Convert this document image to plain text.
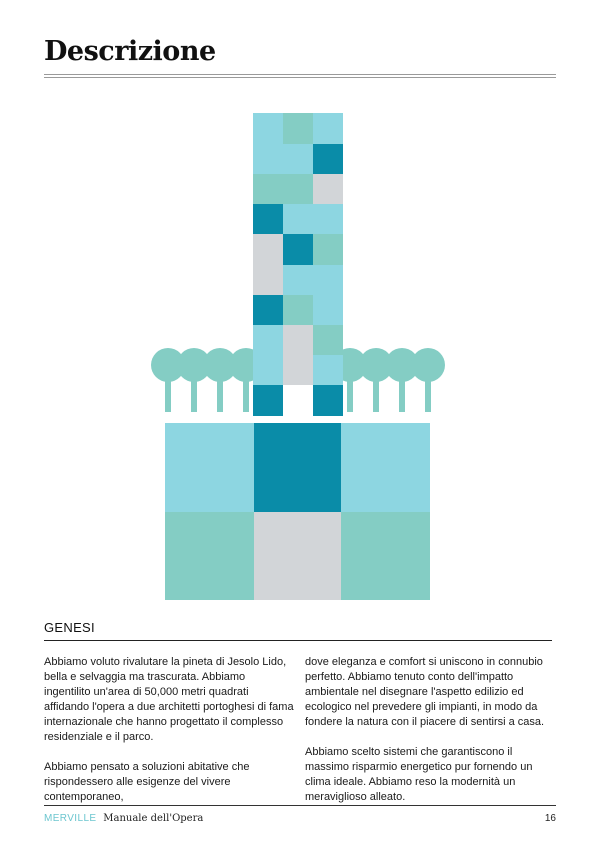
Descrizione
GENESI

Abbiamo voluto rivalutare la pineta di Jesolo Lido, bella e selvaggia ma trascurata. Abbiamo ingentilito un'area di 50,000 metri quadrati affidando l'opera a due architetti portoghesi di fama internazionale che hanno progettato il complesso residenziale e il parco.

Abbiamo pensato a soluzioni abitative che rispondessero alle esigenze del vivere contemporaneo,

dove eleganza e comfort si uniscono in connubio perfetto. Abbiamo tenuto conto dell'impatto ambientale nel disegnare l'aspetto edilizio ed ecologico nel prevedere gli impianti, in modo da fondere la natura con il piacere di sentirsi a casa.

Abbiamo scelto sistemi che garantiscono il massimo risparmio energetico pur fornendo un clima ideale. Abbiamo reso la modernità un meraviglioso alleato.

MERVILLE Manuale dell'Opera	16
